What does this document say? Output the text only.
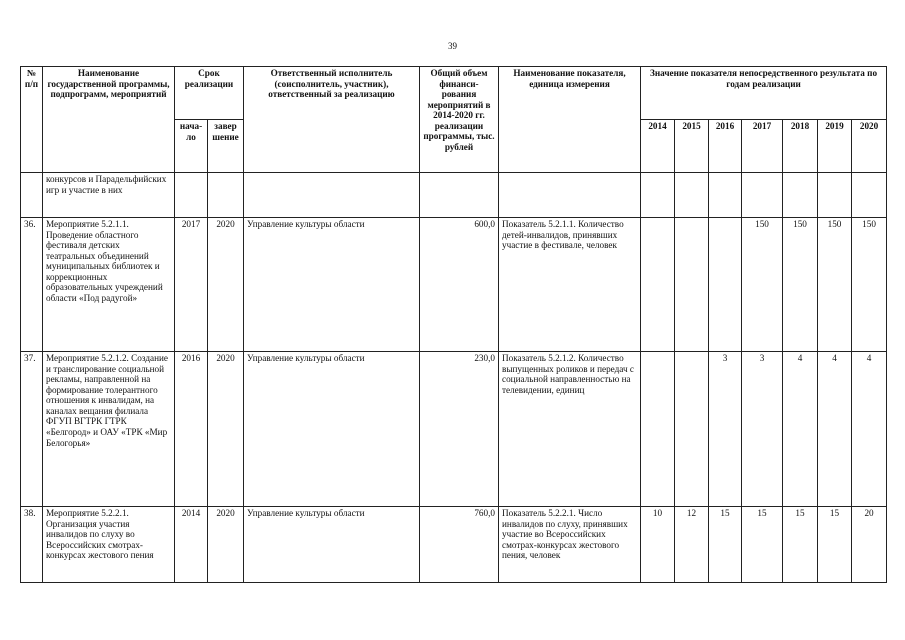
39
№ п/п	Наименование государственной программы, подпрограмм, мероприятий	Срок реализации		Ответственный исполнитель (соисполнитель, участник), ответственный за реализацию	Общий объем финанси-рования мероприятий в 2014-2020 гг. реализации программы, тыс. рублей	Наименование показателя, единица измерения	Значение показателя непосредственного результата по годам реализации						
		нача-ло	завер шение				2014	2015	2016	2017	2018	2019	2020
	конкурсов и Парадельфийских игр и участие в них												
36.	Мероприятие 5.2.1.1. Проведение областного фестиваля детских театральных объединений муниципальных библиотек и коррекционных образовательных учреждений области «Под радугой»	2017	2020	Управление культуры области	600,0	Показатель 5.2.1.1. Количество детей-инвалидов, принявших участие в фестивале, человек				150	150	150	150
37.	Мероприятие 5.2.1.2. Создание и транслирование социальной рекламы, направленной на формирование толерантного отношения к инвалидам, на каналах вещания филиала ФГУП ВГТРК ГТРК «Белгород» и ОАУ «ТРК «Мир Белогорья»	2016	2020	Управление культуры области	230,0	Показатель 5.2.1.2. Количество выпущенных роликов и передач с социальной направленностью на телевидении, единиц			3	3	4	4	4
38.	Мероприятие 5.2.2.1. Организация участия инвалидов по слуху во Всероссийских смотрах-конкурсах жестового пения	2014	2020	Управление культуры области	760,0	Показатель 5.2.2.1. Число инвалидов по слуху, принявших участие во Всероссийских смотрах-конкурсах жестового пения, человек	10	12	15	15	15	15	20
